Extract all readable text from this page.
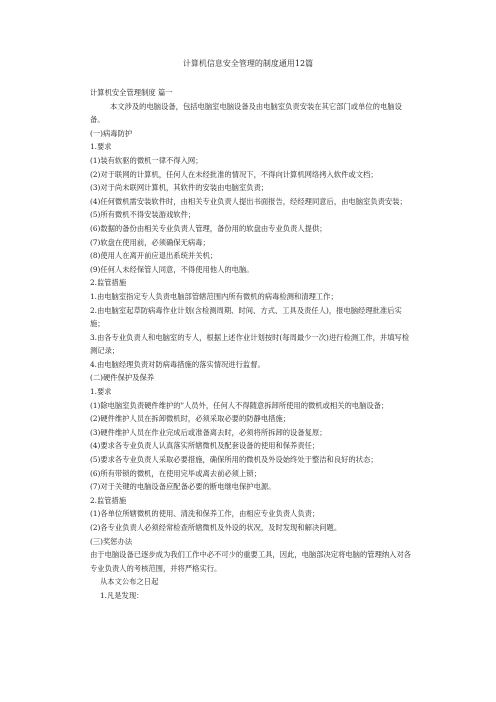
计算机信息安全管理的制度通用12篇

计算机安全管理制度 篇一

本文涉及的电脑设备，包括电脑室电脑设备及由电脑室负责安装在其它部门或单位的电脑设备。

(一)病毒防护

1.要求

(1)装有软驱的微机一律不得入网；

(2)对于联网的计算机，任何人在未经批准的情况下，不得向计算机网络拷入软件或文档；

(3)对于尚未联网计算机，其软件的安装由电脑室负责；

(4)任何微机需安装软件时，由相关专业负责人提出书面报告，经经理同意后，由电脑室负责安装；

(5)所有微机不得安装游戏软件；

(6)数据的备份由相关专业负责人管理，备份用的软盘由专业负责人提供；

(7)软盘在使用前，必须确保无病毒；

(8)使用人在离开前应退出系统并关机；

(9)任何人未经保管人同意，不得使用他人的电脑。

2.监管措施

1.由电脑室指定专人负责电脑部管辖范围内所有微机的病毒检测和清理工作；

2.由电脑室起草防病毒作业计划(含检测周期、时间、方式、工具及责任人)，报电脑经理批准后实施；

3.由各专业负责人和电脑室的专人，根据上述作业计划按时(每周最少一次)进行检测工作，并填写检测记录；

4.由电脑经理负责对防病毒措施的落实情况进行监督。

(二)硬件保护及保养

1.要求

(1)除电脑室负责硬件维护的"人员外，任何人不得随意拆卸所使用的微机或相关的电脑设备；

(2)硬件维护人员在拆卸微机时，必须采取必要的防静电措施；

(3)硬件维护人员在作业完成后或准备离去时，必须将所拆卸的设备复原；

(4)要求各专业负责人认真落实所辖微机及配套设备的使用和保养责任；

(5)要求各专业负责人采取必要措施，确保所用的微机及外设始终处于整洁和良好的状态；

(6)所有带锁的微机，在使用完毕或离去前必须上锁；

(7)对于关键的电脑设备应配备必要的断电继电保护电源。

2.监管措施

(1)各单位所辖微机的使用、清洗和保养工作，由相应专业负责人负责；

(2)各专业负责人必须经常检查所辖微机及外设的状况，及时发现和解决问题。

(三)奖惩办法

由于电脑设备已逐步成为我们工作中必不可少的重要工具，因此，电脑部决定将电脑的管理纳入对各专业负责人的考核范围，并将严格实行。

从本文公布之日起

1.凡是发现：
